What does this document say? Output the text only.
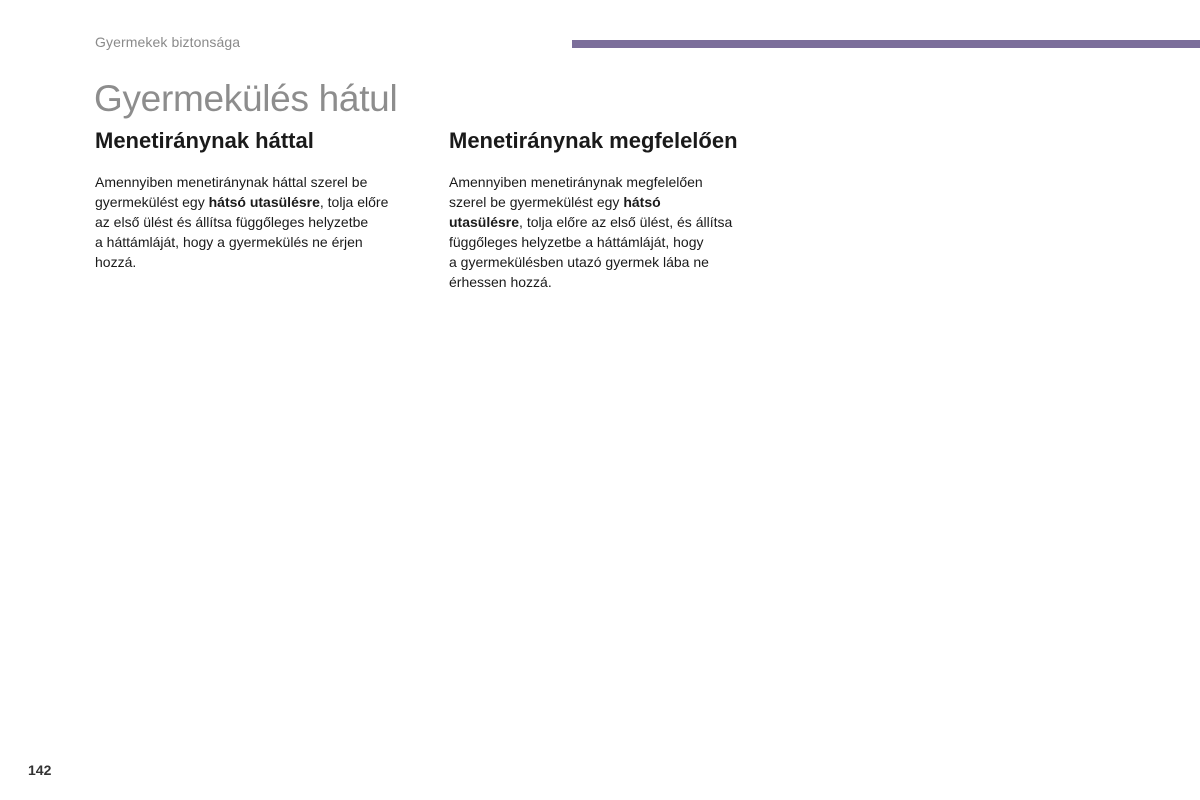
Gyermekek biztonsága
Gyermekülés hátul
Menetiránynak háttal

Amennyiben menetiránynak háttal szerel be
gyermekülést egy hátsó utasülésre, tolja előre
az első ülést és állítsa függőleges helyzetbe
a háttámláját, hogy a gyermekülés ne érjen
hozzá.

Menetiránynak megfelelően

Amennyiben menetiránynak megfelelően
szerel be gyermekülést egy hátsó
utasülésre, tolja előre az első ülést, és állítsa
függőleges helyzetbe a háttámláját, hogy
a gyermekülésben utazó gyermek lába ne
érhessen hozzá.

142
